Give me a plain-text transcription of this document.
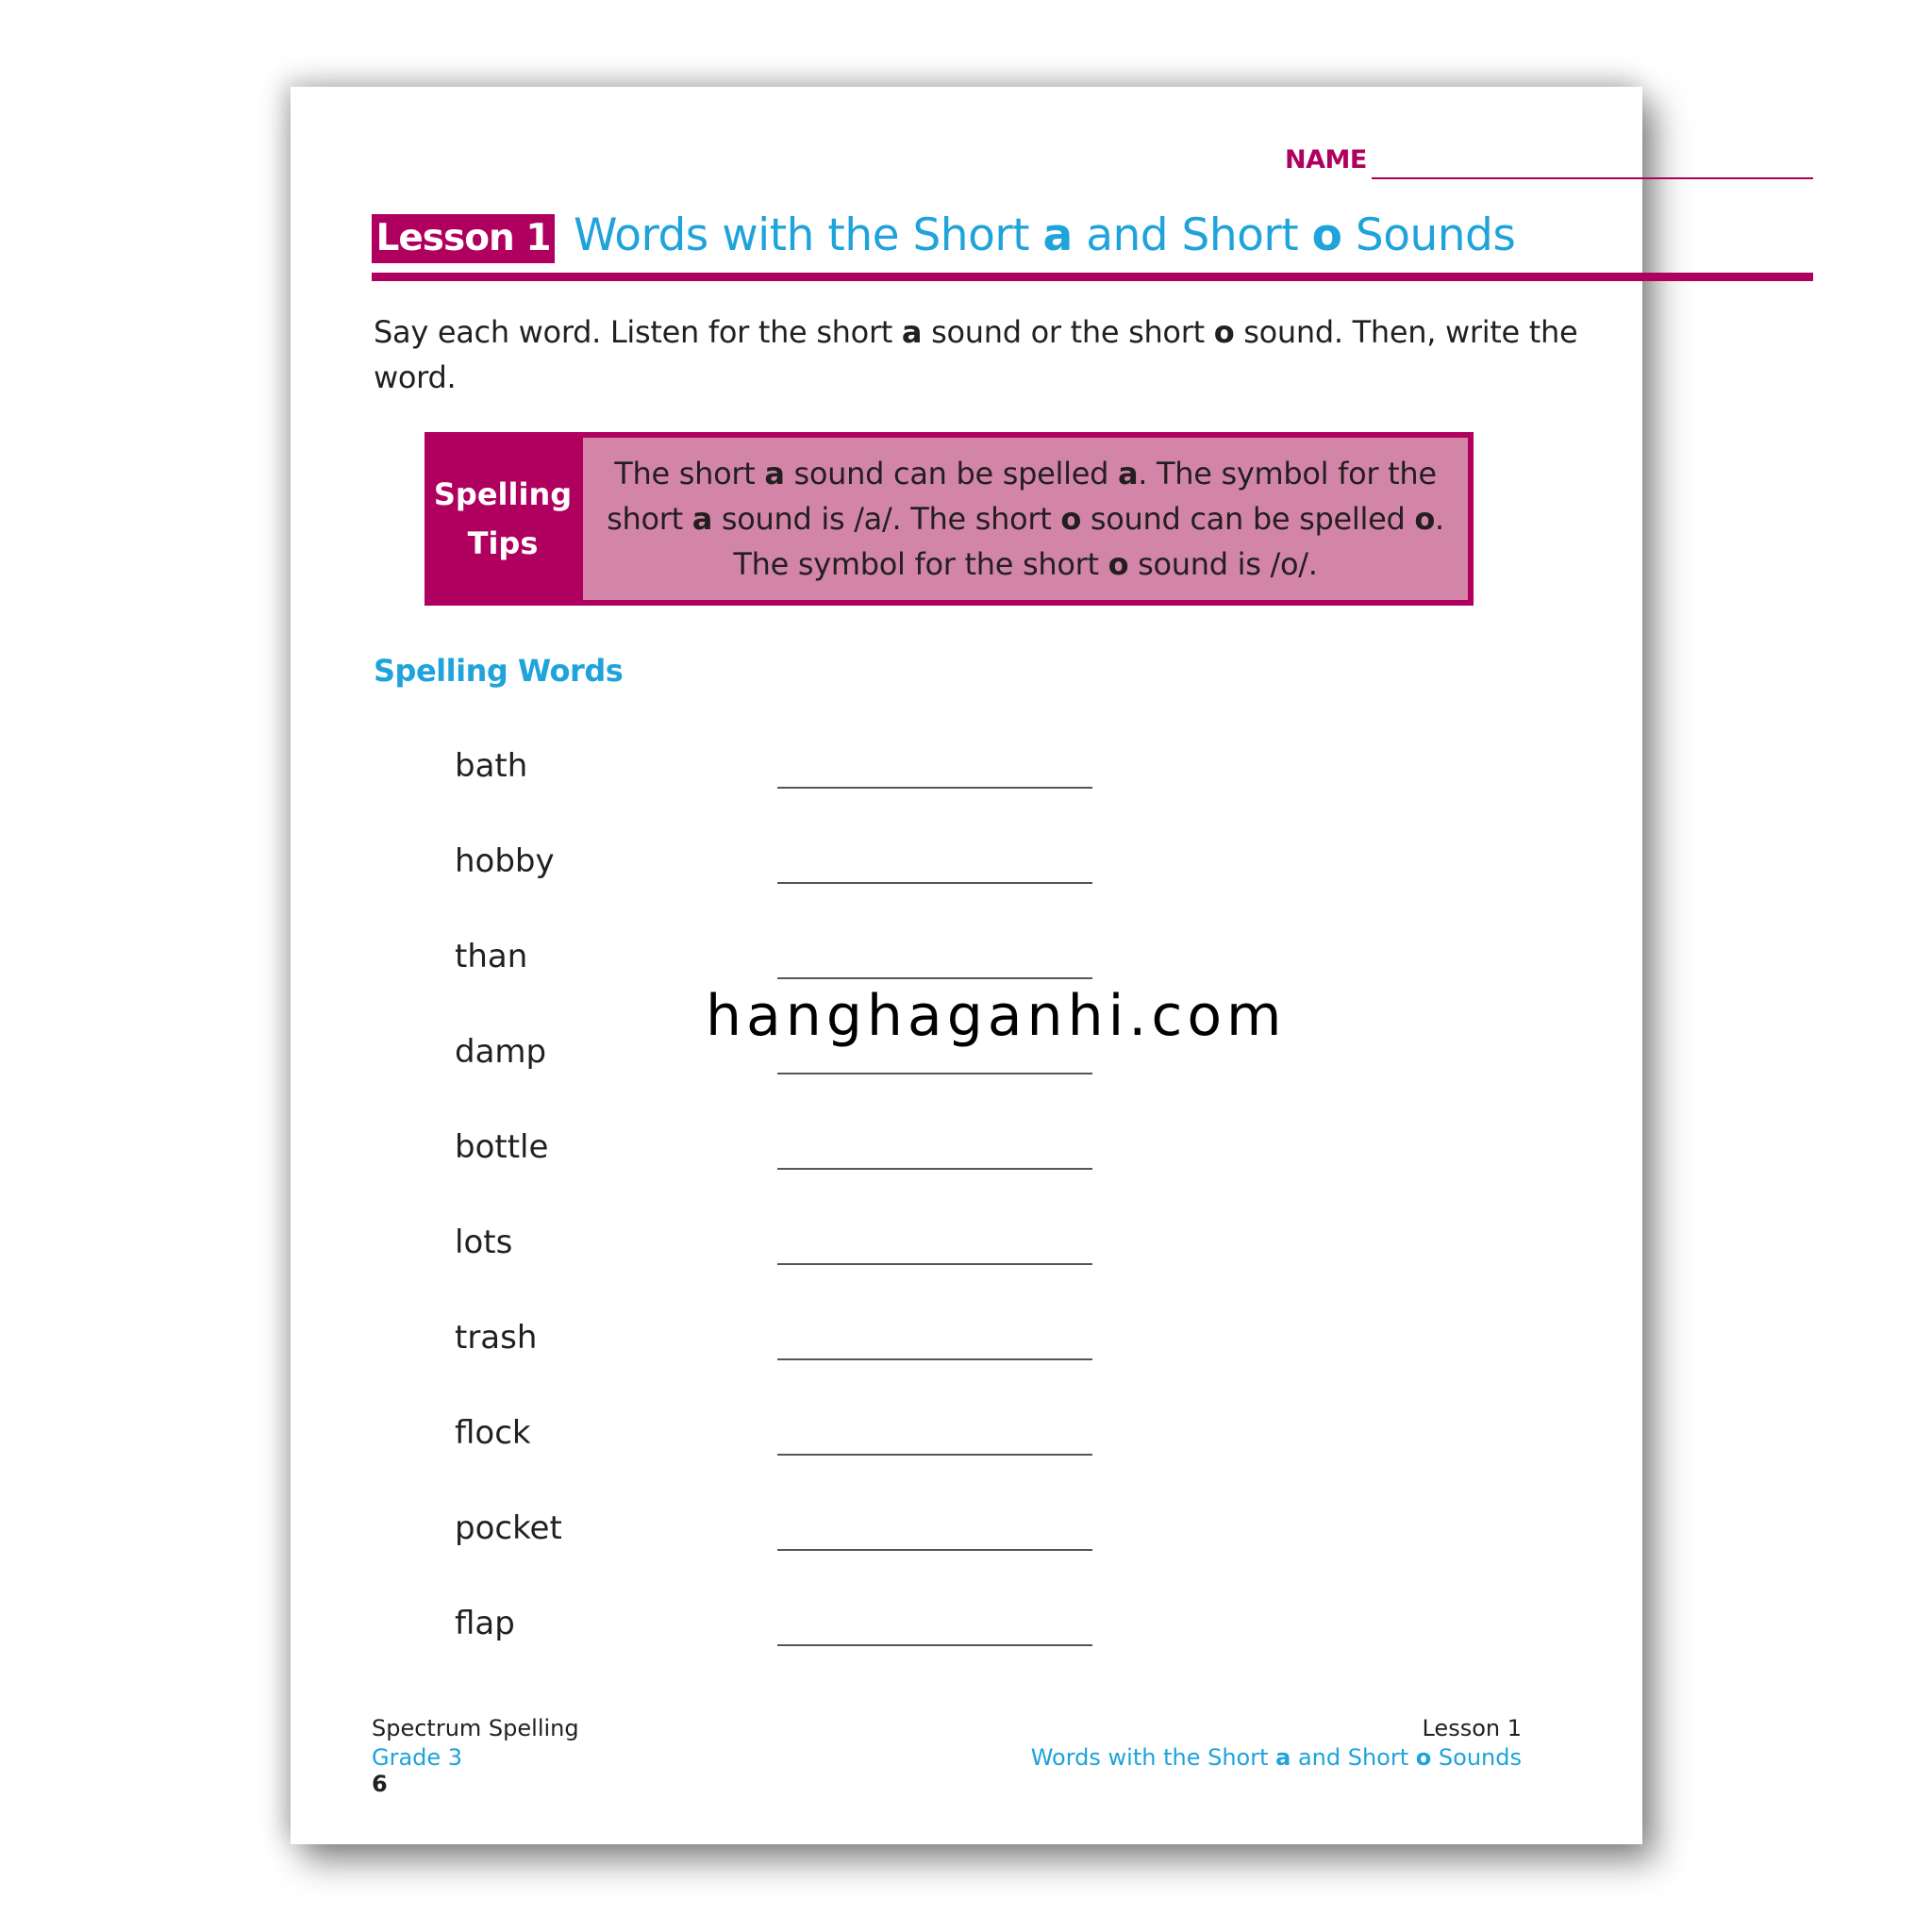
NAME
Lesson 1 Words with the Short a and Short o Sounds
Say each word. Listen for the short a sound or the short o sound. Then, write the word.
Spelling
Tips
The short a sound can be spelled a. The symbol for the short a sound is /a/. The short o sound can be spelled o. The symbol for the short o sound is /o/.
Spelling Words
bath
hobby
than
damp
bottle
lots
trash
flock
pocket
flap
hanghaganhi.com
Spectrum Spelling
Grade 3
6
Lesson 1
Words with the Short a and Short o Sounds
